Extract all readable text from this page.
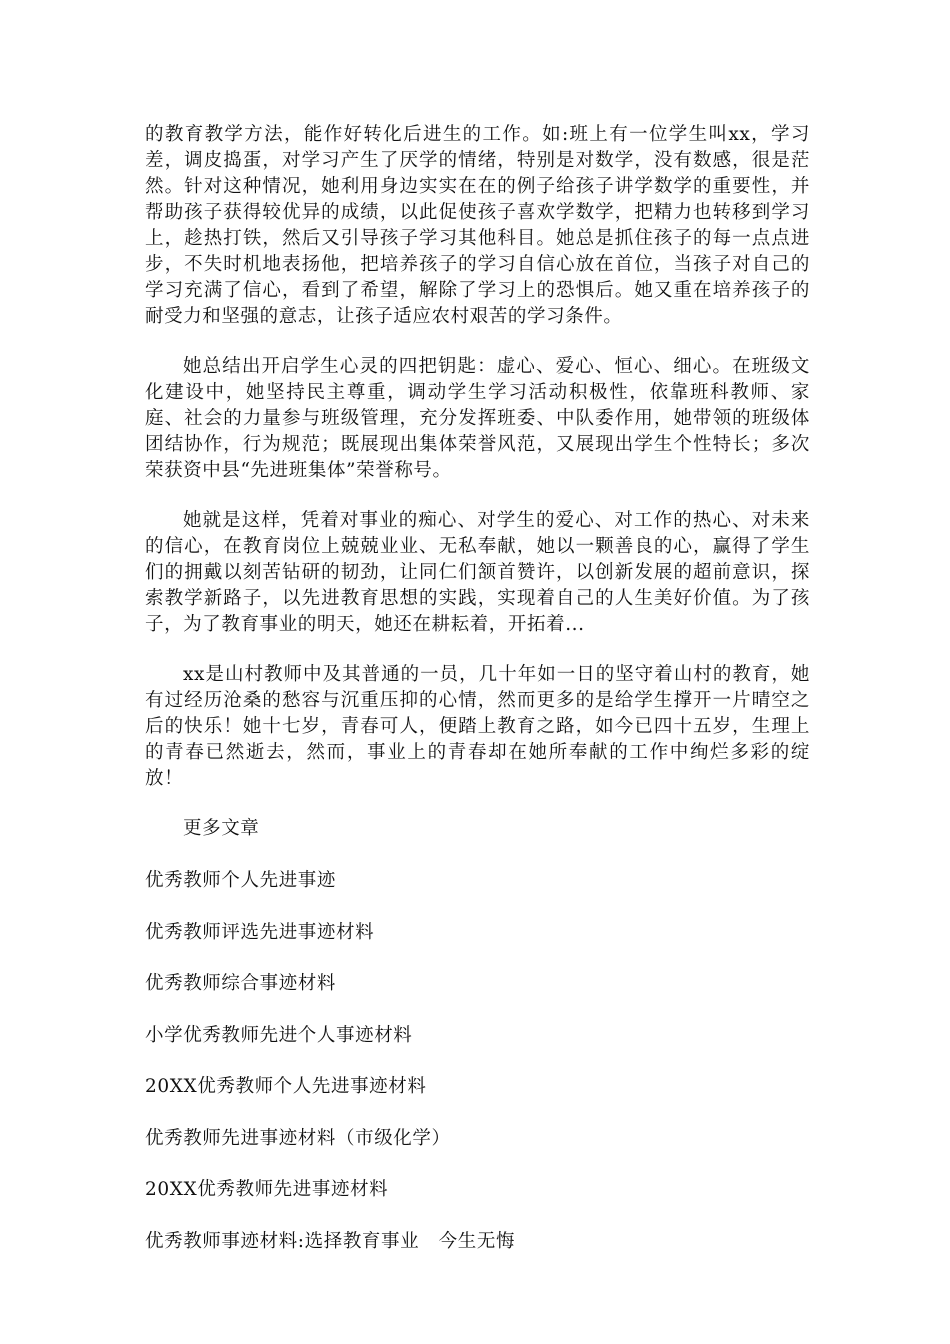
的教育教学方法，能作好转化后进生的工作。如:班上有一位学生叫xx，学习差，调皮捣蛋，对学习产生了厌学的情绪，特别是对数学，没有数感，很是茫然。针对这种情况，她利用身边实实在在的例子给孩子讲学数学的重要性，并帮助孩子获得较优异的成绩，以此促使孩子喜欢学数学，把精力也转移到学习上，趁热打铁，然后又引导孩子学习其他科目。她总是抓住孩子的每一点点进步，不失时机地表扬他，把培养孩子的学习自信心放在首位，当孩子对自己的学习充满了信心，看到了希望，解除了学习上的恐惧后。她又重在培养孩子的耐受力和坚强的意志，让孩子适应农村艰苦的学习条件。

她总结出开启学生心灵的四把钥匙：虚心、爱心、恒心、细心。在班级文化建设中，她坚持民主尊重，调动学生学习活动积极性，依靠班科教师、家庭、社会的力量参与班级管理，充分发挥班委、中队委作用，她带领的班级体团结协作，行为规范；既展现出集体荣誉风范，又展现出学生个性特长；多次荣获资中县“先进班集体”荣誉称号。

她就是这样，凭着对事业的痴心、对学生的爱心、对工作的热心、对未来的信心，在教育岗位上兢兢业业、无私奉献，她以一颗善良的心，赢得了学生们的拥戴以刻苦钻研的韧劲，让同仁们颔首赞许，以创新发展的超前意识，探索教学新路子，以先进教育思想的实践，实现着自己的人生美好价值。为了孩子，为了教育事业的明天，她还在耕耘着，开拓着...

xx是山村教师中及其普通的一员，几十年如一日的坚守着山村的教育，她有过经历沧桑的愁容与沉重压抑的心情，然而更多的是给学生撑开一片晴空之后的快乐！她十七岁，青春可人，便踏上教育之路，如今已四十五岁，生理上的青春已然逝去，然而，事业上的青春却在她所奉献的工作中绚烂多彩的绽放！

更多文章
优秀教师个人先进事迹
优秀教师评选先进事迹材料
优秀教师综合事迹材料
小学优秀教师先进个人事迹材料
20XX优秀教师个人先进事迹材料
优秀教师先进事迹材料（市级化学）
20XX优秀教师先进事迹材料
优秀教师事迹材料:选择教育事业   今生无悔
